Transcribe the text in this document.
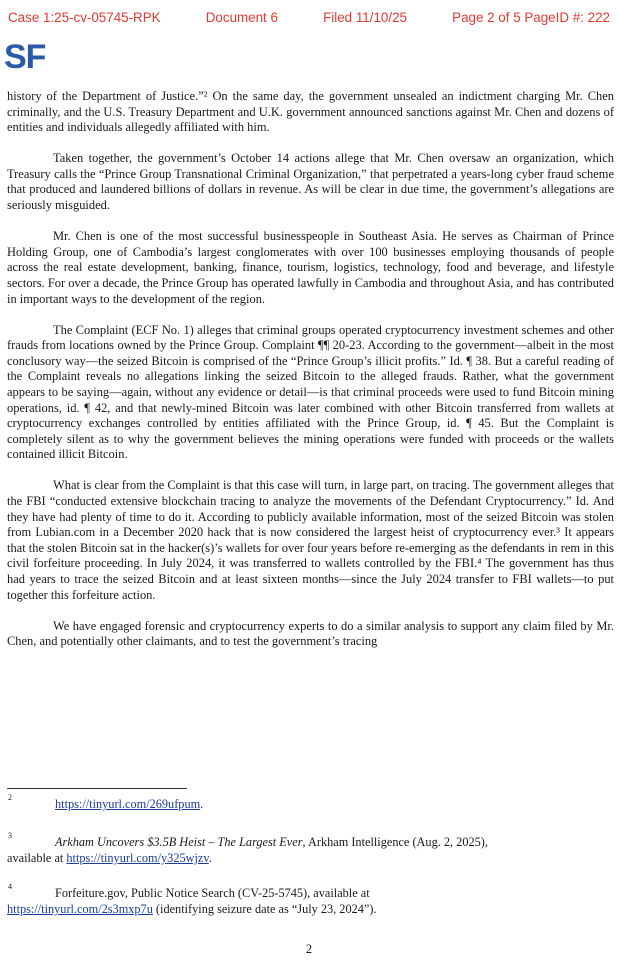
Case 1:25-cv-05745-RPK	Document 6	Filed 11/10/25	Page 2 of 5 PageID #: 222
SF

history of the Department of Justice.”² On the same day, the government unsealed an indictment charging Mr. Chen criminally, and the U.S. Treasury Department and U.K. government announced sanctions against Mr. Chen and dozens of entities and individuals allegedly affiliated with him.

Taken together, the government’s October 14 actions allege that Mr. Chen oversaw an organization, which Treasury calls the “Prince Group Transnational Criminal Organization,” that perpetrated a years-long cyber fraud scheme that produced and laundered billions of dollars in revenue. As will be clear in due time, the government’s allegations are seriously misguided.

Mr. Chen is one of the most successful businesspeople in Southeast Asia. He serves as Chairman of Prince Holding Group, one of Cambodia’s largest conglomerates with over 100 businesses employing thousands of people across the real estate development, banking, finance, tourism, logistics, technology, food and beverage, and lifestyle sectors. For over a decade, the Prince Group has operated lawfully in Cambodia and throughout Asia, and has contributed in important ways to the development of the region.

The Complaint (ECF No. 1) alleges that criminal groups operated cryptocurrency investment schemes and other frauds from locations owned by the Prince Group. Complaint ¶¶ 20-23. According to the government—albeit in the most conclusory way—the seized Bitcoin is comprised of the “Prince Group’s illicit profits.” Id. ¶ 38. But a careful reading of the Complaint reveals no allegations linking the seized Bitcoin to the alleged frauds. Rather, what the government appears to be saying—again, without any evidence or detail—is that criminal proceeds were used to fund Bitcoin mining operations, id. ¶ 42, and that newly-mined Bitcoin was later combined with other Bitcoin transferred from wallets at cryptocurrency exchanges controlled by entities affiliated with the Prince Group, id. ¶ 45. But the Complaint is completely silent as to why the government believes the mining operations were funded with proceeds or the wallets contained illicit Bitcoin.

What is clear from the Complaint is that this case will turn, in large part, on tracing. The government alleges that the FBI “conducted extensive blockchain tracing to analyze the movements of the Defendant Cryptocurrency.” Id. And they have had plenty of time to do it. According to publicly available information, most of the seized Bitcoin was stolen from Lubian.com in a December 2020 hack that is now considered the largest heist of cryptocurrency ever.³ It appears that the stolen Bitcoin sat in the hacker(s)’s wallets for over four years before re-emerging as the defendants in rem in this civil forfeiture proceeding. In July 2024, it was transferred to wallets controlled by the FBI.⁴ The government has thus had years to trace the seized Bitcoin and at least sixteen months—since the July 2024 transfer to FBI wallets—to put together this forfeiture action.

We have engaged forensic and cryptocurrency experts to do a similar analysis to support any claim filed by Mr. Chen, and potentially other claimants, and to test the government’s tracing

2	https://tinyurl.com/269ufpum.
3	Arkham Uncovers $3.5B Heist – The Largest Ever, Arkham Intelligence (Aug. 2, 2025),
available at https://tinyurl.com/y325wjzv.
4	Forfeiture.gov, Public Notice Search (CV-25-5745), available at
https://tinyurl.com/2s3mxp7u (identifying seizure date as “July 23, 2024”).
2
